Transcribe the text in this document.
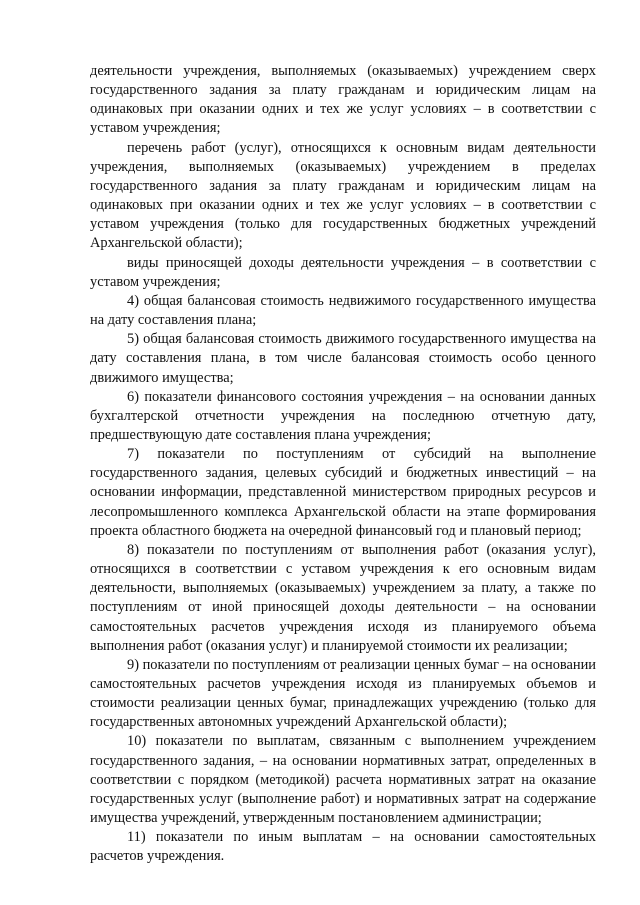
деятельности учреждения, выполняемых (оказываемых) учреждением сверх государственного задания за плату гражданам и юридическим лицам на одинаковых при оказании одних и тех же услуг условиях – в соответствии с уставом учреждения;

перечень работ (услуг), относящихся к основным видам деятельности учреждения, выполняемых (оказываемых) учреждением в пределах государственного задания за плату гражданам и юридическим лицам на одинаковых при оказании одних и тех же услуг условиях – в соответствии с уставом учреждения (только для государственных бюджетных учреждений Архангельской области);

виды приносящей доходы деятельности учреждения – в соответствии с уставом учреждения;

4) общая балансовая стоимость недвижимого государственного имущества на дату составления плана;

5) общая балансовая стоимость движимого государственного имущества на дату составления плана, в том числе балансовая стоимость особо ценного движимого имущества;

6) показатели финансового состояния учреждения – на основании данных бухгалтерской отчетности учреждения на последнюю отчетную дату, предшествующую дате составления плана учреждения;

7) показатели по поступлениям от субсидий на выполнение государственного задания, целевых субсидий и бюджетных инвестиций – на основании информации, представленной министерством природных ресурсов и лесопромышленного комплекса Архангельской области на этапе формирования проекта областного бюджета на очередной финансовый год и плановый период;

8) показатели по поступлениям от выполнения работ (оказания услуг), относящихся в соответствии с уставом учреждения к его основным видам деятельности, выполняемых (оказываемых) учреждением за плату, а также по поступлениям от иной приносящей доходы деятельности – на основании самостоятельных расчетов учреждения исходя из планируемого объема выполнения работ (оказания услуг) и планируемой стоимости их реализации;

9) показатели по поступлениям от реализации ценных бумаг – на основании самостоятельных расчетов учреждения исходя из планируемых объемов и стоимости реализации ценных бумаг, принадлежащих учреждению (только для государственных автономных учреждений Архангельской области);

10) показатели по выплатам, связанным с выполнением учреждением государственного задания, – на основании нормативных затрат, определенных в соответствии с порядком (методикой) расчета нормативных затрат на оказание государственных услуг (выполнение работ) и нормативных затрат на содержание имущества учреждений, утвержденным постановлением администрации;

11) показатели по иным выплатам – на основании самостоятельных расчетов учреждения.
